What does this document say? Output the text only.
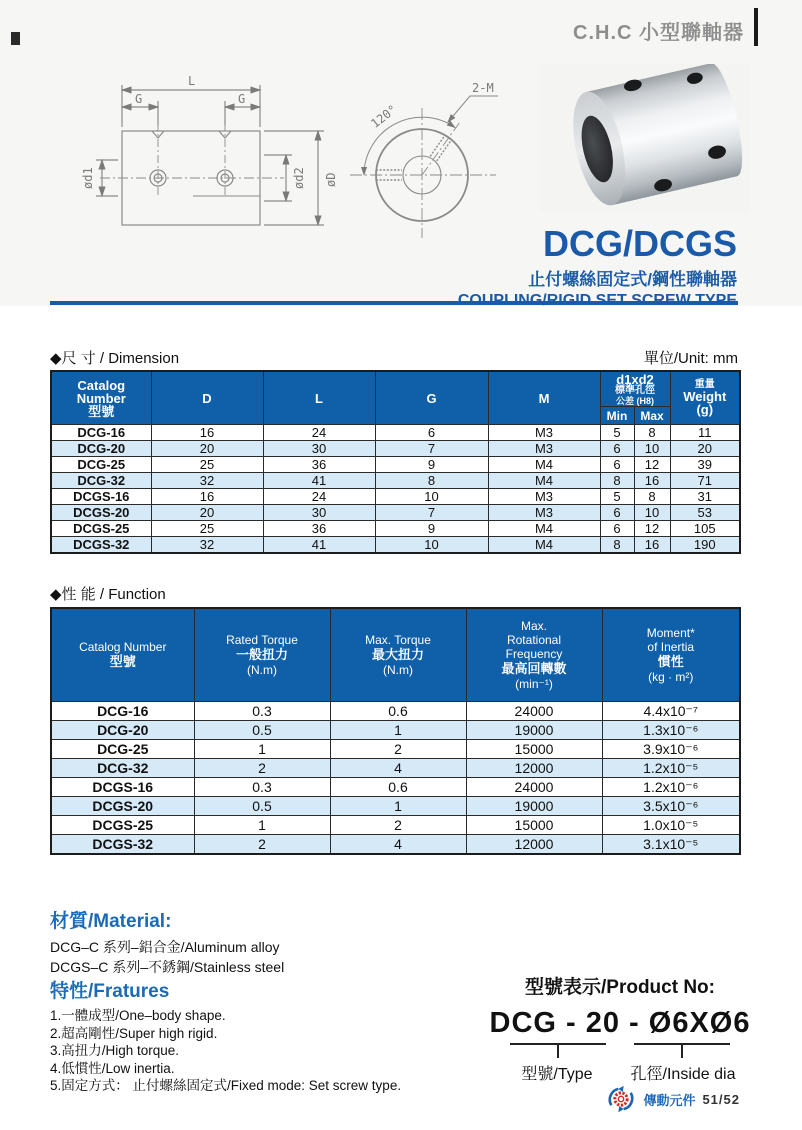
C.H.C 小型聯軸器
L
G	G
ød1	ød2 øD
120°
2-M
DCG/DCGS
止付螺絲固定式/鋼性聯軸器
◆尺 寸 / Dimension	單位/Unit: mm
Catalog
Number
型號
	D	L	G	M	
d1xd2
標準孔徑
公差 (H8)

重量
Weight
(g)

					Min	Max	
DCG-16	16	24	6	M3	5	8	11
DCG-20	20	30	7	M3	6	10	20
DCG-25	25	36	9	M4	6	12	39
DCG-32	32	41	8	M4	8	16	71
DCGS-16	16	24	10	M3	5	8	31
DCGS-20	20	30	7	M3	6	10	53
DCGS-25	25	36	9	M4	6	12	105
DCGS-32	32	41	10	M4	8	16	190
◆性 能 / Function
Catalog Number
型號

Rated Torque
一般扭力
(N.m)

Max. Torque
最大扭力
(N.m)

Max.
Rotational
Frequency
最高回轉數
(min⁻¹)

Moment*
of Inertia
慣性
(kg · m²)

DCG-16	0.3	0.6	24000	4.4x10⁻⁷
DCG-20	0.5	1	19000	1.3x10⁻⁶
DCG-25	1	2	15000	3.9x10⁻⁶
DCG-32	2	4	12000	1.2x10⁻⁵
DCGS-16	0.3	0.6	24000	1.2x10⁻⁶
DCGS-20	0.5	1	19000	3.5x10⁻⁶
DCGS-25	1	2	15000	1.0x10⁻⁵
DCGS-32	2	4	12000	3.1x10⁻⁵
材質/Material:
DCG–C 系列–鋁合金/Aluminum alloy
DCGS–C 系列–不銹鋼/Stainless steel
特性/Fratures
1.一體成型/One–body shape.
2.超高剛性/Super high rigid.
3.高扭力/High torque.
4.低慣性/Low inertia.
5.固定方式： 止付螺絲固定式/Fixed mode: Set screw type.
型號表示/Product No:
DCG - 20 - Ø6XØ6
型號/Type	孔徑/Inside dia
傳動元件 51/52
